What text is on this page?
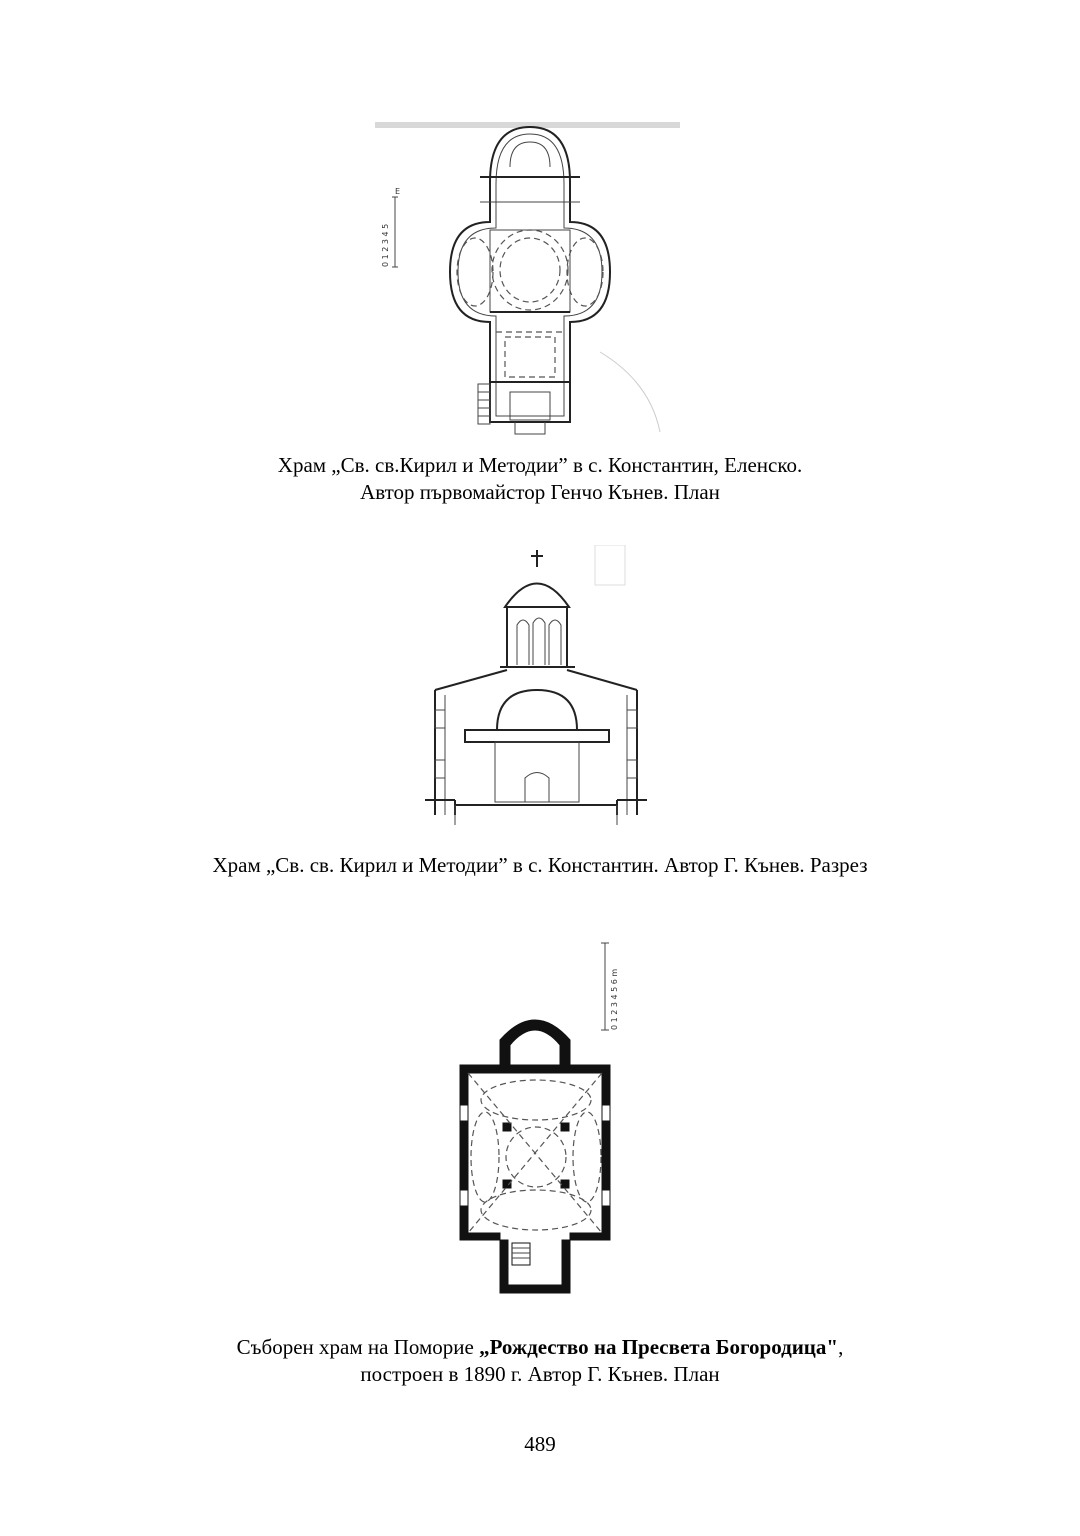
0 1 2 3 4 5
E
Храм „Св. св.Кирил и Методии” в с. Константин, Еленско.
Автор първомайстор Генчо Кънев. План
Храм „Св. св. Кирил и Методии” в с. Константин. Автор Г. Кънев. Разрез
0 1 2 3 4 5 6 m
Съборен храм на Поморие „Рождество на Пресвета Богородица",
построен в 1890 г. Автор Г. Кънев. План
489
